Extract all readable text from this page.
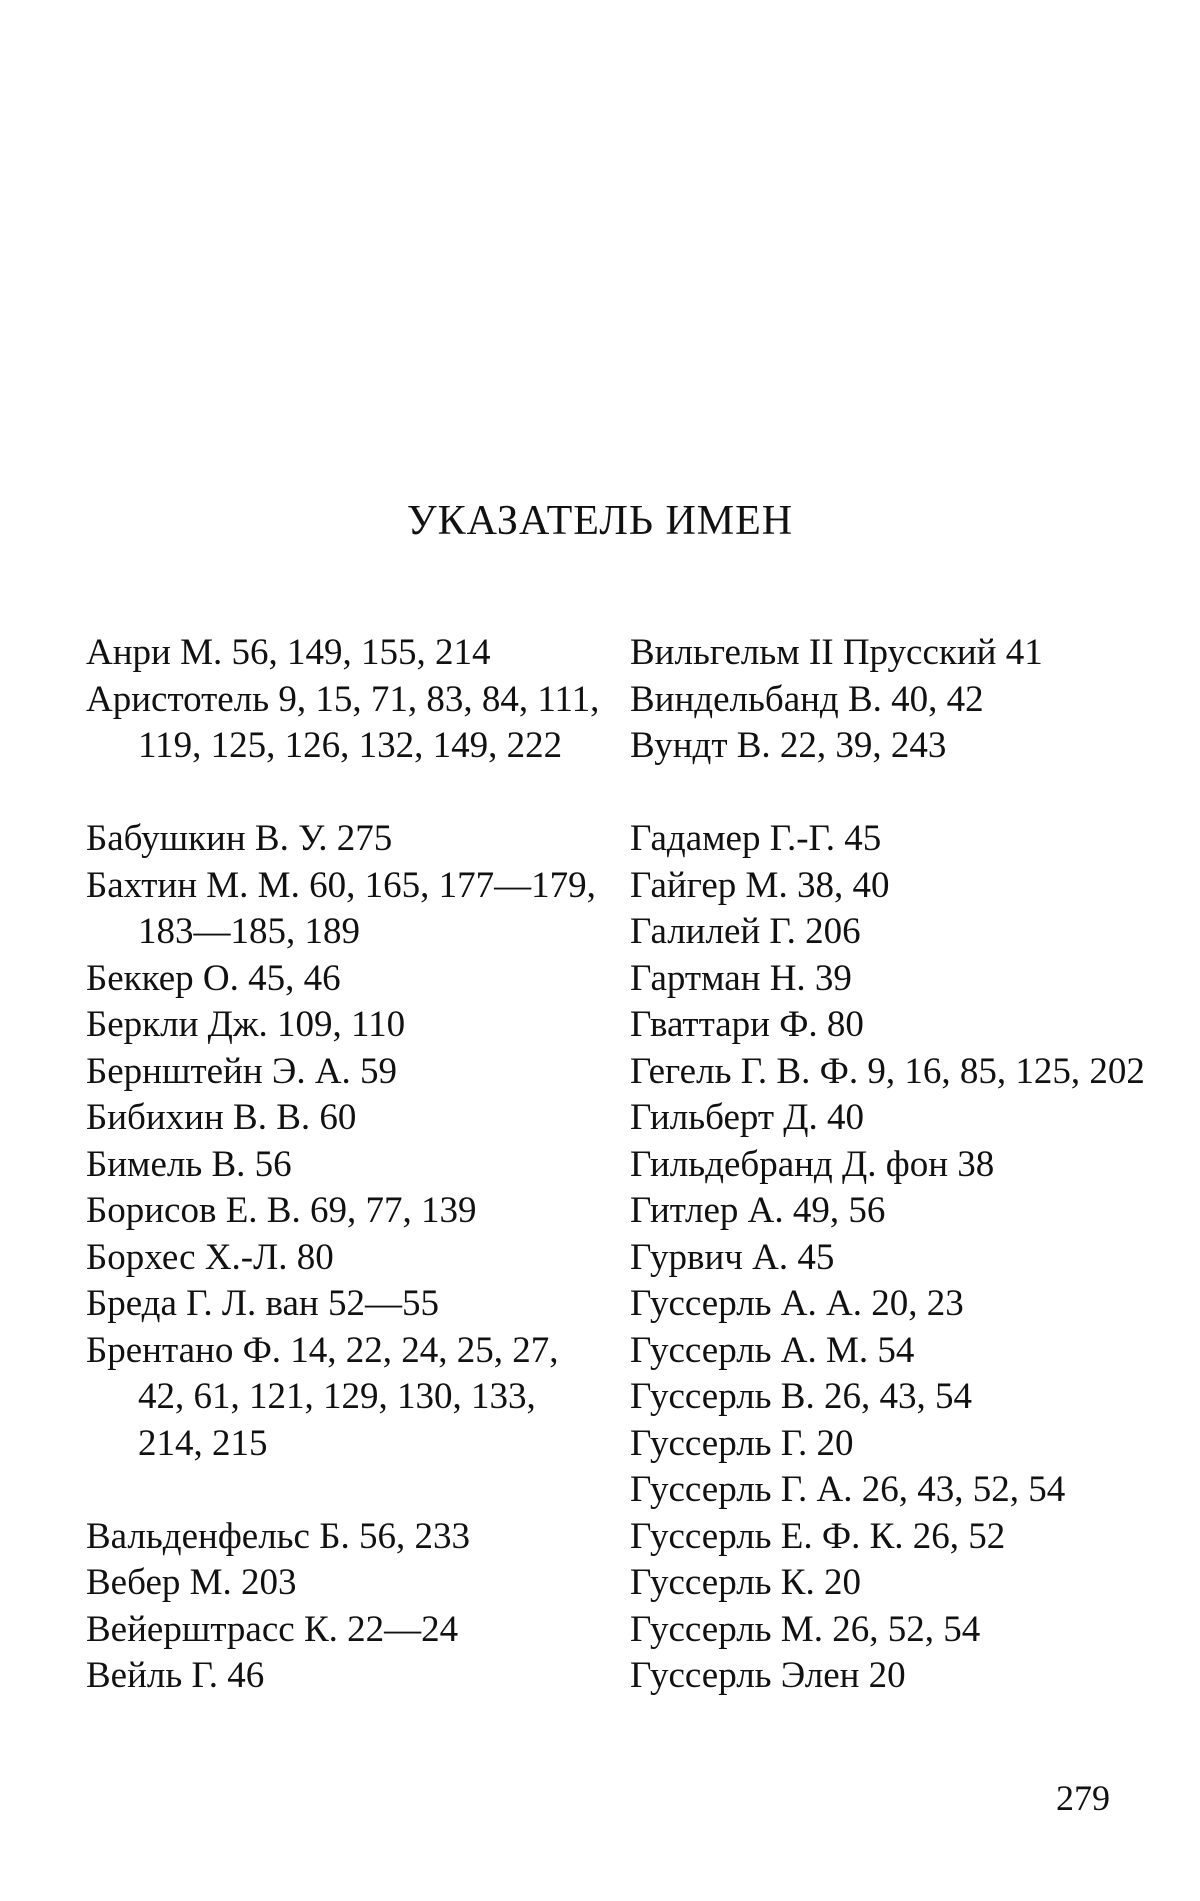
УКАЗАТЕЛЬ ИМЕН

Анри М. 56, 149, 155, 214

Аристотель 9, 15, 71, 83, 84, 111, 119, 125, 126, 132, 149, 222

Бабушкин В. У. 275

Бахтин М. М. 60, 165, 177—179, 183—185, 189

Беккер О. 45, 46

Беркли Дж. 109, 110

Бернштейн Э. А. 59

Бибихин В. В. 60

Бимель В. 56

Борисов Е. В. 69, 77, 139

Борхес Х.-Л. 80

Бреда Г. Л. ван 52—55

Брентано Ф. 14, 22, 24, 25, 27, 42, 61, 121, 129, 130, 133, 214, 215

Вальденфельс Б. 56, 233

Вебер М. 203

Вейерштрасс К. 22—24

Вейль Г. 46

Вильгельм II Прусский 41

Виндельбанд В. 40, 42

Вундт В. 22, 39, 243

Гадамер Г.-Г. 45

Гайгер М. 38, 40

Галилей Г. 206

Гартман Н. 39

Гваттари Ф. 80

Гегель Г. В. Ф. 9, 16, 85, 125, 202

Гильберт Д. 40

Гильдебранд Д. фон 38

Гитлер А. 49, 56

Гурвич А. 45

Гуссерль А. А. 20, 23

Гуссерль А. М. 54

Гуссерль В. 26, 43, 54

Гуссерль Г. 20

Гуссерль Г. А. 26, 43, 52, 54

Гуссерль Е. Ф. К. 26, 52

Гуссерль К. 20

Гуссерль М. 26, 52, 54

Гуссерль Элен 20

279
